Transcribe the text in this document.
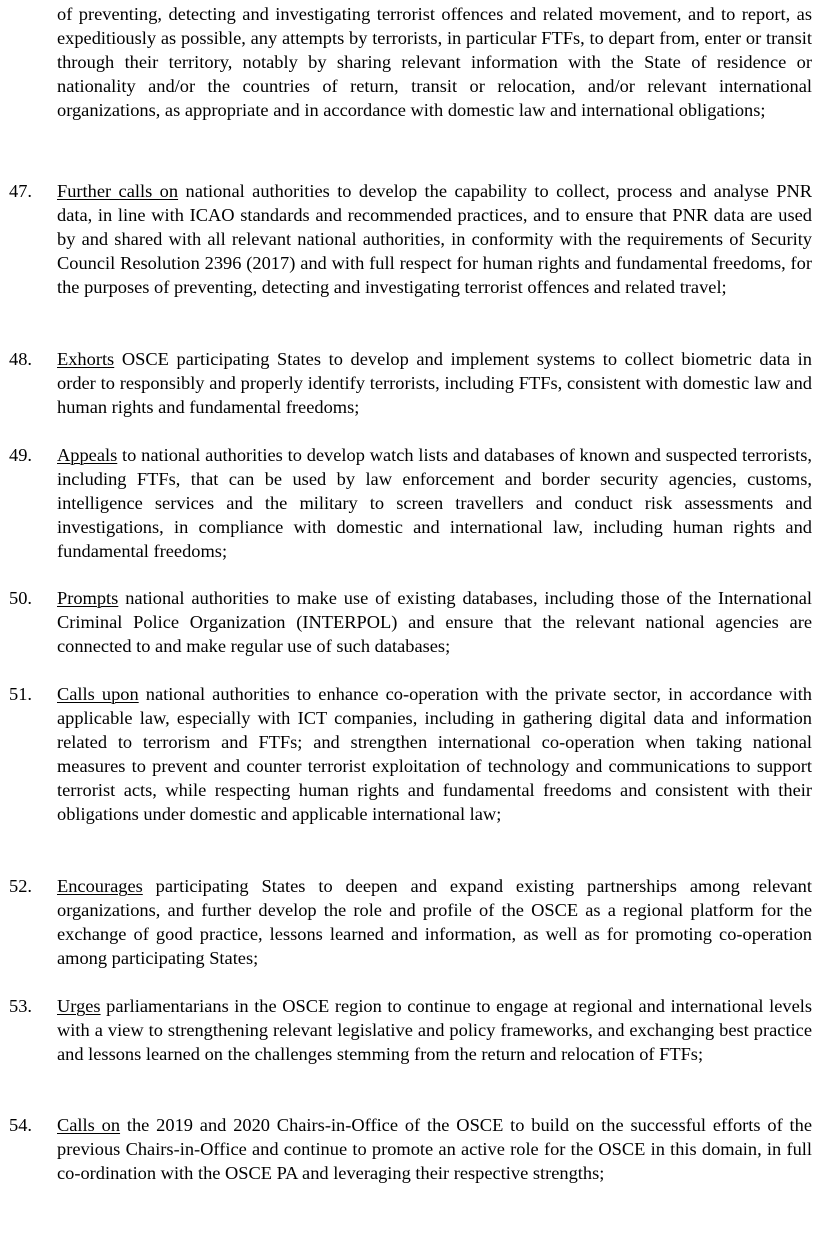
of preventing, detecting and investigating terrorist offences and related movement, and to report, as expeditiously as possible, any attempts by terrorists, in particular FTFs, to depart from, enter or transit through their territory, notably by sharing relevant information with the State of residence or nationality and/or the countries of return, transit or relocation, and/or relevant international organizations, as appropriate and in accordance with domestic law and international obligations;
47.	Further calls on national authorities to develop the capability to collect, process and analyse PNR data, in line with ICAO standards and recommended practices, and to ensure that PNR data are used by and shared with all relevant national authorities, in conformity with the requirements of Security Council Resolution 2396 (2017) and with full respect for human rights and fundamental freedoms, for the purposes of preventing, detecting and investigating terrorist offences and related travel;
48.	Exhorts OSCE participating States to develop and implement systems to collect biometric data in order to responsibly and properly identify terrorists, including FTFs, consistent with domestic law and human rights and fundamental freedoms;
49.	Appeals to national authorities to develop watch lists and databases of known and suspected terrorists, including FTFs, that can be used by law enforcement and border security agencies, customs, intelligence services and the military to screen travellers and conduct risk assessments and investigations, in compliance with domestic and international law, including human rights and fundamental freedoms;
50.	Prompts national authorities to make use of existing databases, including those of the International Criminal Police Organization (INTERPOL) and ensure that the relevant national agencies are connected to and make regular use of such databases;
51.	Calls upon national authorities to enhance co-operation with the private sector, in accordance with applicable law, especially with ICT companies, including in gathering digital data and information related to terrorism and FTFs; and strengthen international co-operation when taking national measures to prevent and counter terrorist exploitation of technology and communications to support terrorist acts, while respecting human rights and fundamental freedoms and consistent with their obligations under domestic and applicable international law;
52.	Encourages participating States to deepen and expand existing partnerships among relevant organizations, and further develop the role and profile of the OSCE as a regional platform for the exchange of good practice, lessons learned and information, as well as for promoting co-operation among participating States;
53.	Urges parliamentarians in the OSCE region to continue to engage at regional and international levels with a view to strengthening relevant legislative and policy frameworks, and exchanging best practice and lessons learned on the challenges stemming from the return and relocation of FTFs;
54.	Calls on the 2019 and 2020 Chairs-in-Office of the OSCE to build on the successful efforts of the previous Chairs-in-Office and continue to promote an active role for the OSCE in this domain, in full co-ordination with the OSCE PA and leveraging their respective strengths;
